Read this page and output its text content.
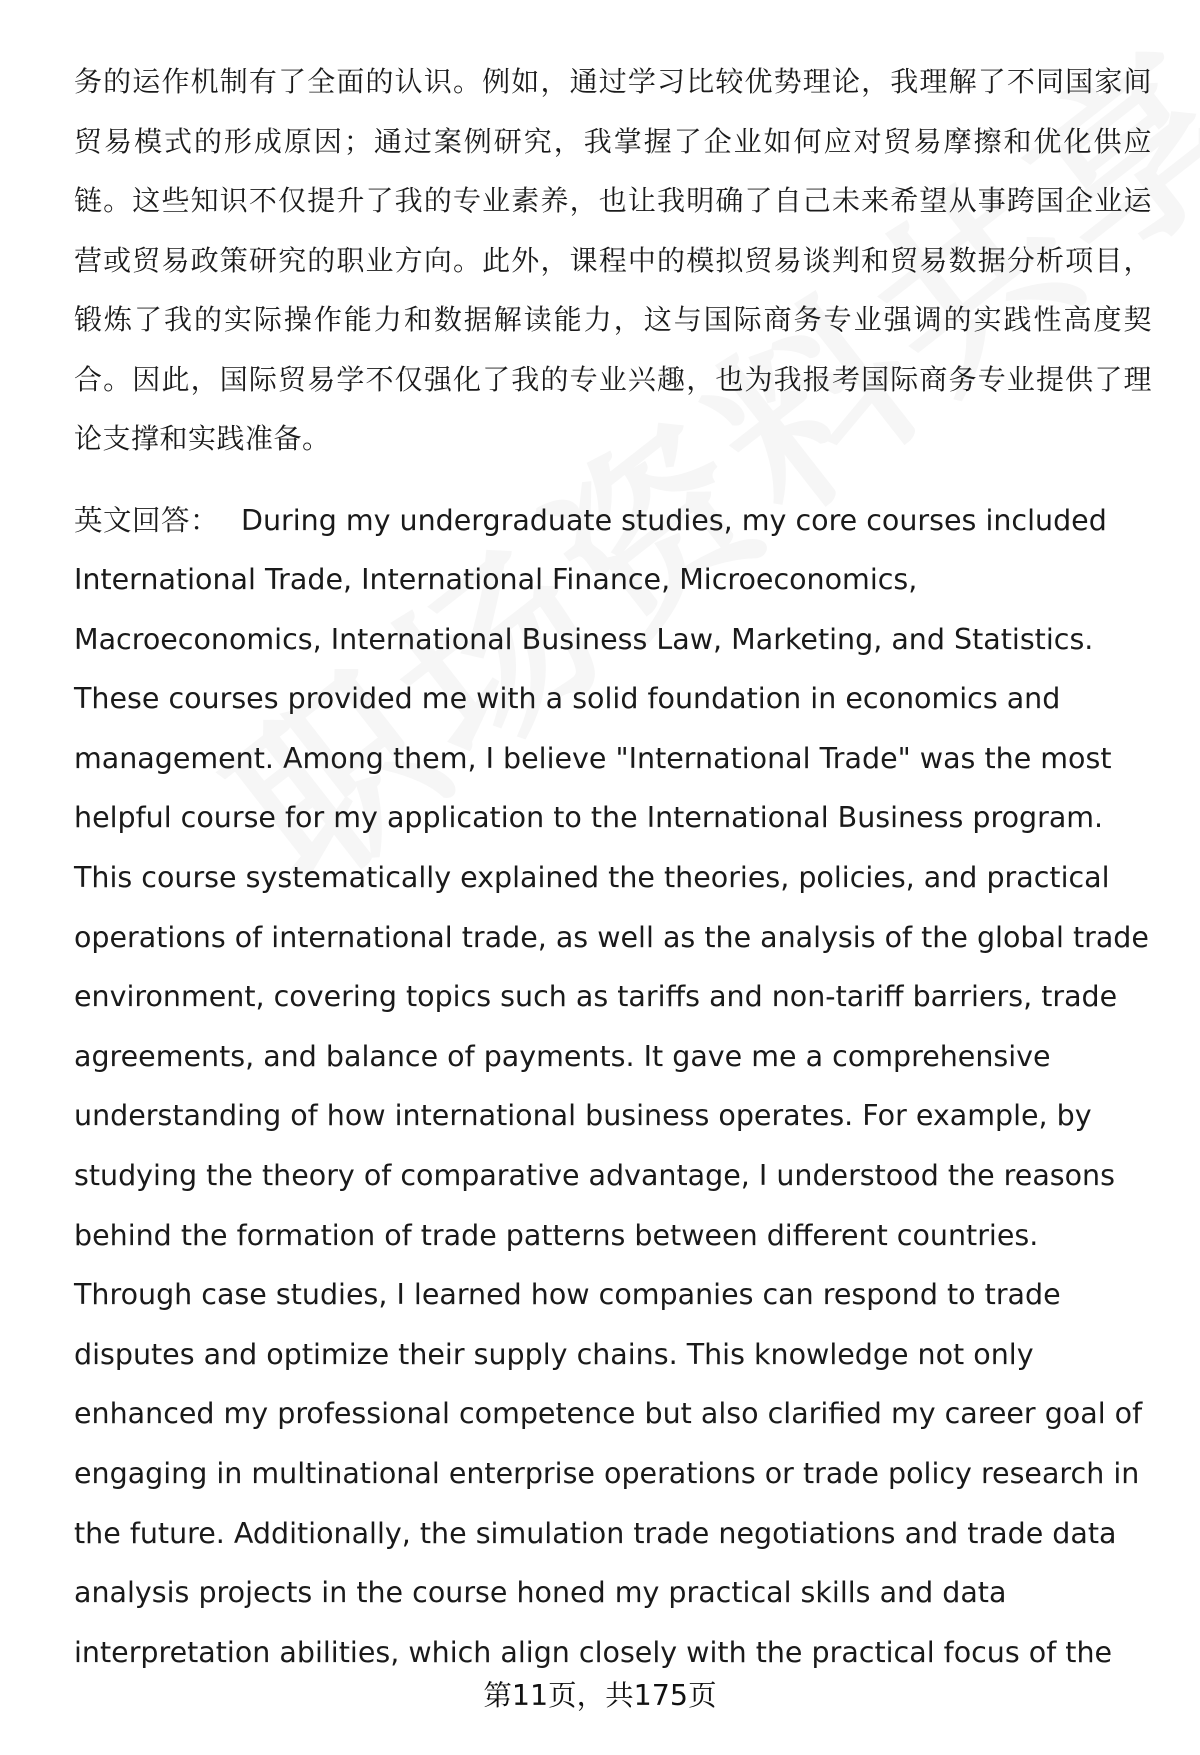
务的运作机制有了全面的认识。例如，通过学习比较优势理论，我理解了不同国家间贸易模式的形成原因；通过案例研究，我掌握了企业如何应对贸易摩擦和优化供应链。这些知识不仅提升了我的专业素养，也让我明确了自己未来希望从事跨国企业运营或贸易政策研究的职业方向。此外，课程中的模拟贸易谈判和贸易数据分析项目，锻炼了我的实际操作能力和数据解读能力，这与国际商务专业强调的实践性高度契合。因此，国际贸易学不仅强化了我的专业兴趣，也为我报考国际商务专业提供了理论支撑和实践准备。

英文回答： During my undergraduate studies, my core courses included International Trade, International Finance, Microeconomics, Macroeconomics, International Business Law, Marketing, and Statistics. These courses provided me with a solid foundation in economics and management. Among them, I believe "International Trade" was the most helpful course for my application to the International Business program. This course systematically explained the theories, policies, and practical operations of international trade, as well as the analysis of the global trade environment, covering topics such as tariffs and non-tariff barriers, trade agreements, and balance of payments. It gave me a comprehensive understanding of how international business operates. For example, by studying the theory of comparative advantage, I understood the reasons behind the formation of trade patterns between different countries. Through case studies, I learned how companies can respond to trade disputes and optimize their supply chains. This knowledge not only enhanced my professional competence but also clarified my career goal of engaging in multinational enterprise operations or trade policy research in the future. Additionally, the simulation trade negotiations and trade data analysis projects in the course honed my practical skills and data interpretation abilities, which align closely with the practical focus of the

第11页，共175页
